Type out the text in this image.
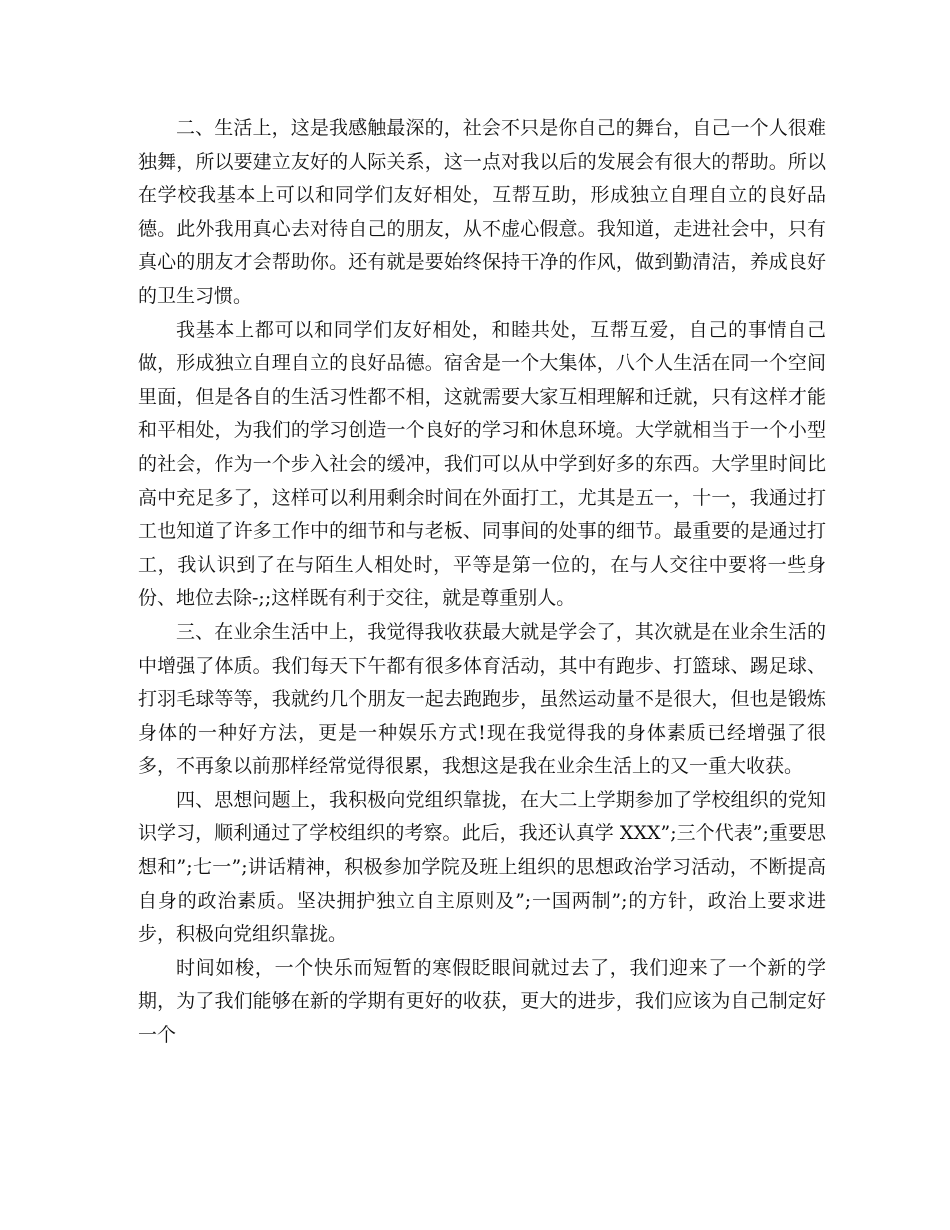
二、生活上，这是我感触最深的，社会不只是你自己的舞台，自己一个人很难独舞，所以要建立友好的人际关系，这一点对我以后的发展会有很大的帮助。所以在学校我基本上可以和同学们友好相处，互帮互助，形成独立自理自立的良好品德。此外我用真心去对待自己的朋友，从不虚心假意。我知道，走进社会中，只有真心的朋友才会帮助你。还有就是要始终保持干净的作风，做到勤清洁，养成良好的卫生习惯。

我基本上都可以和同学们友好相处，和睦共处，互帮互爱，自己的事情自己做，形成独立自理自立的良好品德。宿舍是一个大集体，八个人生活在同一个空间里面，但是各自的生活习性都不相，这就需要大家互相理解和迁就，只有这样才能和平相处，为我们的学习创造一个良好的学习和休息环境。大学就相当于一个小型的社会，作为一个步入社会的缓冲，我们可以从中学到好多的东西。大学里时间比高中充足多了，这样可以利用剩余时间在外面打工，尤其是五一，十一，我通过打工也知道了许多工作中的细节和与老板、同事间的处事的细节。最重要的是通过打工，我认识到了在与陌生人相处时，平等是第一位的，在与人交往中要将一些身份、地位去除-;;这样既有利于交往，就是尊重别人。

三、在业余生活中上，我觉得我收获最大就是学会了，其次就是在业余生活的中增强了体质。我们每天下午都有很多体育活动，其中有跑步、打篮球、踢足球、打羽毛球等等，我就约几个朋友一起去跑跑步，虽然运动量不是很大，但也是锻炼身体的一种好方法，更是一种娱乐方式!现在我觉得我的身体素质已经增强了很多，不再象以前那样经常觉得很累，我想这是我在业余生活上的又一重大收获。

四、思想问题上，我积极向党组织靠拢，在大二上学期参加了学校组织的党知识学习，顺利通过了学校组织的考察。此后，我还认真学 XXX”;三个代表”;重要思想和”;七一”;讲话精神，积极参加学院及班上组织的思想政治学习活动，不断提高自身的政治素质。坚决拥护独立自主原则及”;一国两制”;的方针，政治上要求进步，积极向党组织靠拢。

时间如梭，一个快乐而短暂的寒假眨眼间就过去了，我们迎来了一个新的学期，为了我们能够在新的学期有更好的收获，更大的进步，我们应该为自己制定好一个
